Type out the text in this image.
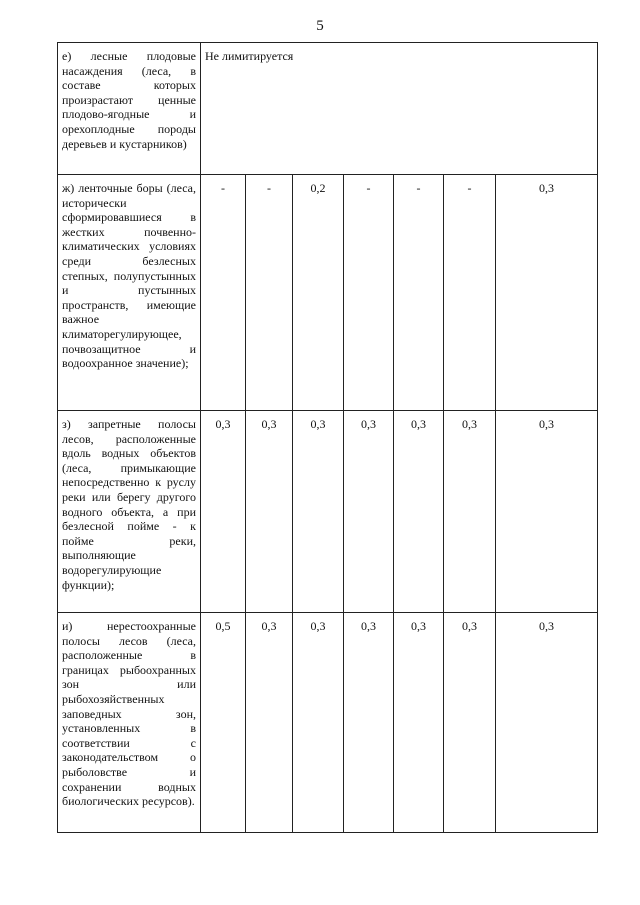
5
е) лесные плодовые насаждения (леса, в составе которых произрастают ценные плодово-ягодные и орехоплодные породы деревьев и кустарников)	Не лимитируется						
ж) ленточные боры (леса, исторически сформировавшиеся в жестких почвенно-климатических условиях среди безлесных степных, полупустынных и пустынных пространств, имеющие важное климаторегулирующее, почвозащитное и водоохранное значение);	-	-	0,2	-	-	-	0,3
з) запретные полосы лесов, расположенные вдоль водных объектов (леса, примыкающие непосредственно к руслу реки или берегу другого водного объекта, а при безлесной пойме - к пойме реки, выполняющие водорегулирующие функции);	0,3	0,3	0,3	0,3	0,3	0,3	0,3
и) нерестоохранные полосы лесов (леса, расположенные в границах рыбоохранных зон или рыбохозяйственных заповедных зон, установленных в соответствии с законодательством о рыболовстве и сохранении водных биологических ресурсов).	0,5	0,3	0,3	0,3	0,3	0,3	0,3
